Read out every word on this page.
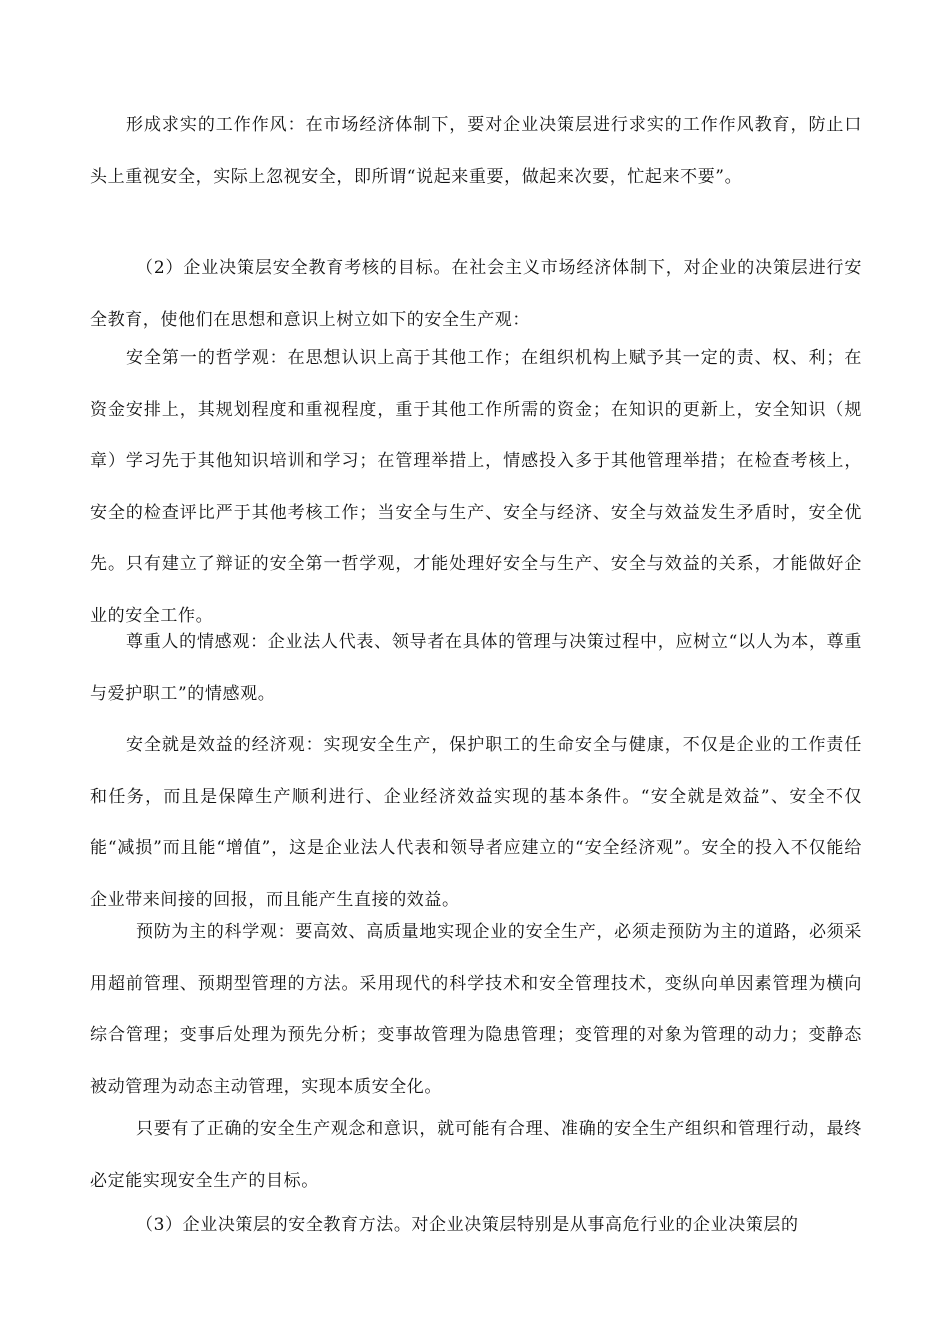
形成求实的工作作风：在市场经济体制下，要对企业决策层进行求实的工作作风教育，防止口头上重视安全，实际上忽视安全，即所谓“说起来重要，做起来次要，忙起来不要”。

（2）企业决策层安全教育考核的目标。在社会主义市场经济体制下，对企业的决策层进行安全教育，使他们在思想和意识上树立如下的安全生产观：

安全第一的哲学观：在思想认识上高于其他工作；在组织机构上赋予其一定的责、权、利；在资金安排上，其规划程度和重视程度，重于其他工作所需的资金；在知识的更新上，安全知识（规章）学习先于其他知识培训和学习；在管理举措上，情感投入多于其他管理举措；在检查考核上，安全的检查评比严于其他考核工作；当安全与生产、安全与经济、安全与效益发生矛盾时，安全优先。只有建立了辩证的安全第一哲学观，才能处理好安全与生产、安全与效益的关系，才能做好企业的安全工作。

尊重人的情感观：企业法人代表、领导者在具体的管理与决策过程中，应树立“以人为本，尊重与爱护职工”的情感观。

安全就是效益的经济观：实现安全生产，保护职工的生命安全与健康，不仅是企业的工作责任和任务，而且是保障生产顺利进行、企业经济效益实现的基本条件。“安全就是效益”、安全不仅能“减损”而且能“增值”，这是企业法人代表和领导者应建立的“安全经济观”。安全的投入不仅能给企业带来间接的回报，而且能产生直接的效益。

预防为主的科学观：要高效、高质量地实现企业的安全生产，必须走预防为主的道路，必须采用超前管理、预期型管理的方法。采用现代的科学技术和安全管理技术，变纵向单因素管理为横向综合管理；变事后处理为预先分析；变事故管理为隐患管理；变管理的对象为管理的动力；变静态被动管理为动态主动管理，实现本质安全化。

只要有了正确的安全生产观念和意识，就可能有合理、准确的安全生产组织和管理行动，最终必定能实现安全生产的目标。

（3）企业决策层的安全教育方法。对企业决策层特别是从事高危行业的企业决策层的
